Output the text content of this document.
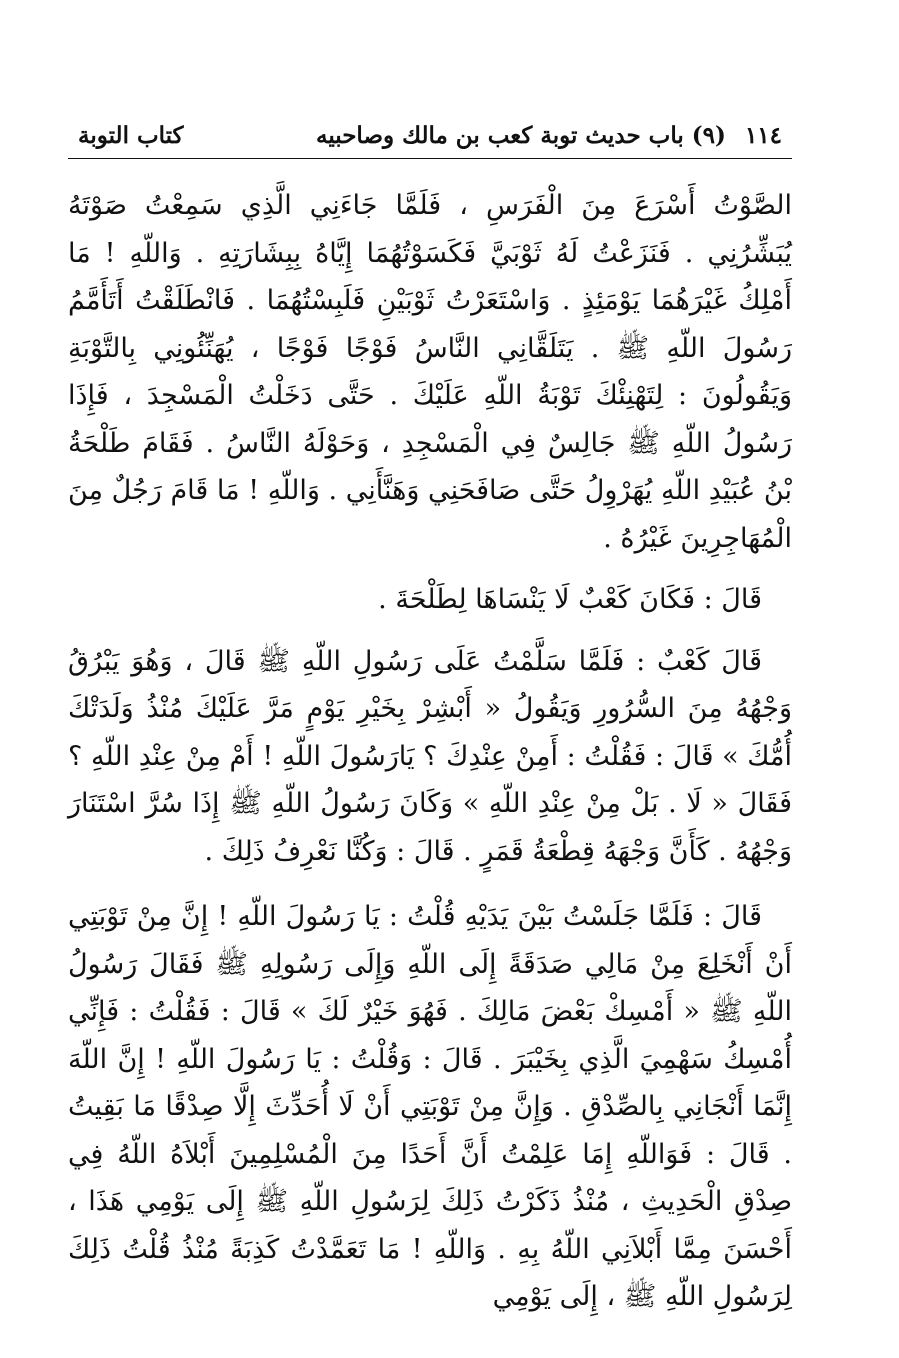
كتاب التوبة	(٩) باب حديث توبة كعب بن مالك وصاحبيه ١١٤

الصَّوْتُ أَسْرَعَ مِنَ الْفَرَسِ ، فَلَمَّا جَاءَنِي الَّذِي سَمِعْتُ صَوْتَهُ يُبَشِّرُنِي . فَنَزَعْتُ لَهُ ثَوْبَيَّ فَكَسَوْتُهُمَا إِيَّاهُ بِبِشَارَتِهِ . وَاللّهِ ! مَا أَمْلِكُ غَيْرَهُمَا يَوْمَئِذٍ . وَاسْتَعَرْتُ ثَوْبَيْنِ فَلَبِسْتُهُمَا . فَانْطَلَقْتُ أَتَأَمَّمُ رَسُولَ اللّهِ ﷺ . يَتَلَقَّانِي النَّاسُ فَوْجًا فَوْجًا ، يُهَنِّئُونِي بِالتَّوْبَةِ وَيَقُولُونَ : لِتَهْنِئْكَ تَوْبَةُ اللّهِ عَلَيْكَ . حَتَّى دَخَلْتُ الْمَسْجِدَ ، فَإِذَا رَسُولُ اللّهِ ﷺ جَالِسٌ فِي الْمَسْجِدِ ، وَحَوْلَهُ النَّاسُ . فَقَامَ طَلْحَةُ بْنُ عُبَيْدِ اللّهِ يُهَرْوِلُ حَتَّى صَافَحَنِي وَهَنَّأَنِي . وَاللّهِ ! مَا قَامَ رَجُلٌ مِنَ الْمُهَاجِرِينَ غَيْرُهُ .

قَالَ : فَكَانَ كَعْبٌ لَا يَنْسَاهَا لِطَلْحَةَ .

قَالَ كَعْبٌ : فَلَمَّا سَلَّمْتُ عَلَى رَسُولِ اللّهِ ﷺ قَالَ ، وَهُوَ يَبْرُقُ وَجْهُهُ مِنَ السُّرُورِ وَيَقُولُ « أَبْشِرْ بِخَيْرِ يَوْمٍ مَرَّ عَلَيْكَ مُنْذُ وَلَدَتْكَ أُمُّكَ » قَالَ : فَقُلْتُ : أَمِنْ عِنْدِكَ ؟ يَارَسُولَ اللّهِ ! أَمْ مِنْ عِنْدِ اللّهِ ؟ فَقَالَ « لَا . بَلْ مِنْ عِنْدِ اللّهِ » وَكَانَ رَسُولُ اللّهِ ﷺ إِذَا سُرَّ اسْتَنَارَ وَجْهُهُ . كَأَنَّ وَجْهَهُ قِطْعَةُ قَمَرٍ . قَالَ : وَكُنَّا نَعْرِفُ ذَلِكَ .

قَالَ : فَلَمَّا جَلَسْتُ بَيْنَ يَدَيْهِ قُلْتُ : يَا رَسُولَ اللّهِ ! إِنَّ مِنْ تَوْبَتِي أَنْ أَنْخَلِعَ مِنْ مَالِي صَدَقَةً إِلَى اللّهِ وَإِلَى رَسُولِهِ ﷺ فَقَالَ رَسُولُ اللّهِ ﷺ « أَمْسِكْ بَعْضَ مَالِكَ . فَهُوَ خَيْرٌ لَكَ » قَالَ : فَقُلْتُ : فَإِنِّي أُمْسِكُ سَهْمِيَ الَّذِي بِخَيْبَرَ . قَالَ : وَقُلْتُ : يَا رَسُولَ اللّهِ ! إِنَّ اللّهَ إِنَّمَا أَنْجَانِي بِالصِّدْقِ . وَإِنَّ مِنْ تَوْبَتِي أَنْ لَا أُحَدِّثَ إِلَّا صِدْقًا مَا بَقِيتُ . قَالَ : فَوَاللّهِ إِمَا عَلِمْتُ أَنَّ أَحَدًا مِنَ الْمُسْلِمِينَ أَبْلاَهُ اللّهُ فِي صِدْقِ الْحَدِيثِ ، مُنْذُ ذَكَرْتُ ذَلِكَ لِرَسُولِ اللّهِ ﷺ إِلَى يَوْمِي هَذَا ، أَحْسَنَ مِمَّا أَبْلاَنِي اللّهُ بِهِ . وَاللّهِ ! مَا تَعَمَّدْتُ كَذِبَةً مُنْذُ قُلْتُ ذَلِكَ لِرَسُولِ اللّهِ ﷺ ، إِلَى يَوْمِي
